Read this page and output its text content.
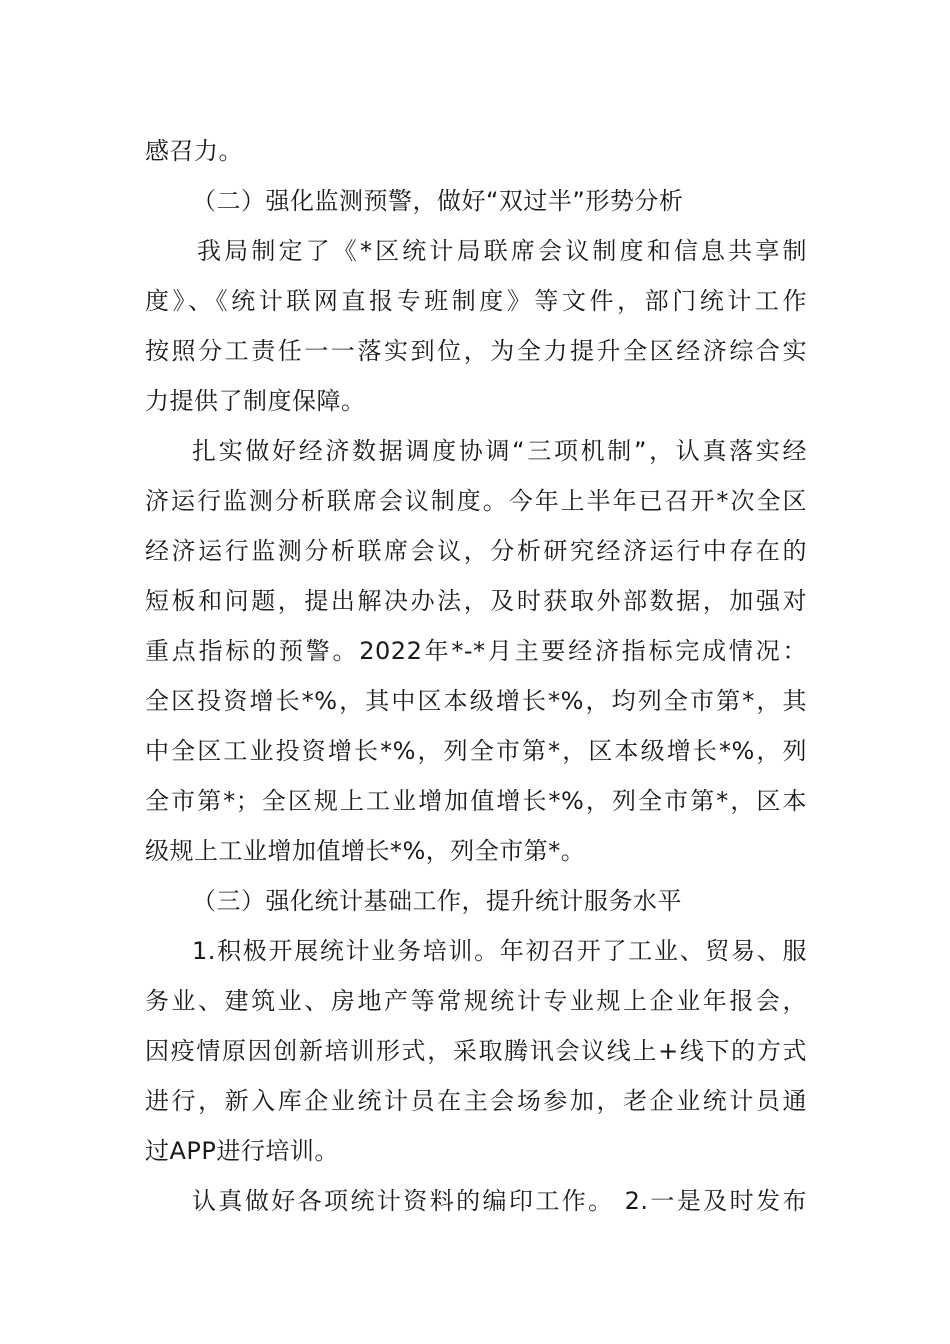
感召力。
（二）强化监测预警，做好“双过半”形势分析
我局制定了《*区统计局联席会议制度和信息共享制
度》、《统计联网直报专班制度》等文件，部门统计工作
按照分工责任一一落实到位，为全力提升全区经济综合实
力提供了制度保障。
扎实做好经济数据调度协调“三项机制”，认真落实经
济运行监测分析联席会议制度。今年上半年已召开*次全区
经济运行监测分析联席会议，分析研究经济运行中存在的
短板和问题，提出解决办法，及时获取外部数据，加强对
重点指标的预警。2022年*-*月主要经济指标完成情况：
全区投资增长*%，其中区本级增长*%，均列全市第*，其
中全区工业投资增长*%，列全市第*，区本级增长*%，列
全市第*；全区规上工业增加值增长*%，列全市第*，区本
级规上工业增加值增长*%，列全市第*。
（三）强化统计基础工作，提升统计服务水平
1.积极开展统计业务培训。年初召开了工业、贸易、服
务业、建筑业、房地产等常规统计专业规上企业年报会，
因疫情原因创新培训形式，采取腾讯会议线上+线下的方式
进行，新入库企业统计员在主会场参加，老企业统计员通
过APP进行培训。
认真做好各项统计资料的编印工作。 2.一是及时发布
